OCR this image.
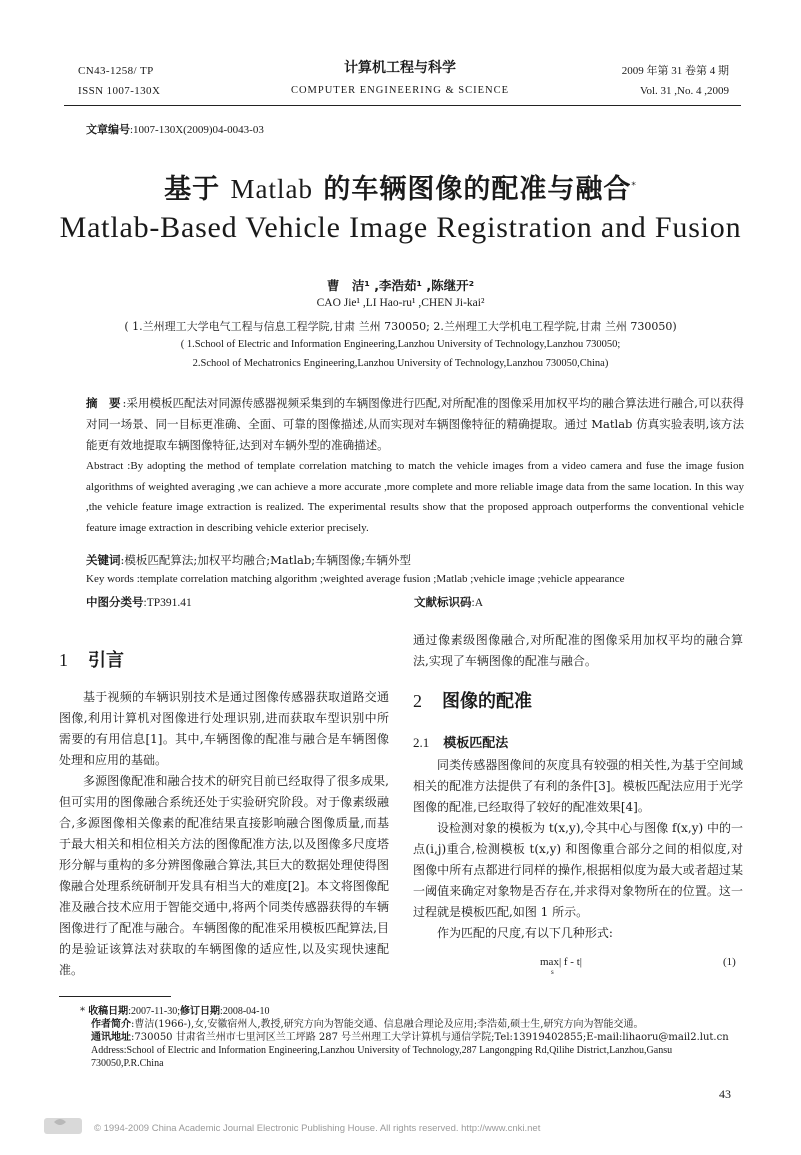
CN43-1258/ TP
ISSN 1007-130X
计算机工程与科学
COMPUTER ENGINEERING & SCIENCE
2009 年第 31 卷第 4 期
Vol. 31 ,No. 4 ,2009
文章编号:1007-130X(2009)04-0043-03
基于 Matlab 的车辆图像的配准与融合*
Matlab-Based Vehicle Image Registration and Fusion
曹　洁¹ ,李浩茹¹ ,陈继开²
CAO Jie¹ ,LI Hao-ru¹ ,CHEN Ji-kai²
( 1.兰州理工大学电气工程与信息工程学院,甘肃 兰州 730050; 2.兰州理工大学机电工程学院,甘肃 兰州 730050)
( 1.School of Electric and Information Engineering,Lanzhou University of Technology,Lanzhou 730050;
2.School of Mechatronics Engineering,Lanzhou University of Technology,Lanzhou 730050,China)
摘　要 :采用模板匹配法对同源传感器视频采集到的车辆图像进行匹配,对所配准的图像采用加权平均的融合算法进行融合,可以获得对同一场景、同一目标更准确、全面、可靠的图像描述,从而实现对车辆图像特征的精确提取。通过 Matlab 仿真实验表明,该方法能更有效地提取车辆图像特征,达到对车辆外型的准确描述。
Abstract :By adopting the method of template correlation matching to match the vehicle images from a video camera and fuse the image fusion algorithms of weighted averaging ,we can achieve a more accurate ,more complete and more reliable image data from the same location. In this way ,the vehicle feature image extraction is realized. The experimental results show that the proposed approach outperforms the conventional vehicle feature image extraction in describing vehicle exterior precisely.
关键词:模板匹配算法;加权平均融合;Matlab;车辆图像;车辆外型
Key words :template correlation matching algorithm ;weighted average fusion ;Matlab ;vehicle image ;vehicle appearance
中图分类号:TP391.41	文献标识码:A
1 引言

基于视频的车辆识别技术是通过图像传感器获取道路交通图像,利用计算机对图像进行处理识别,进而获取车型识别中所需要的有用信息[1]。其中,车辆图像的配准与融合是车辆图像处理和应用的基础。

多源图像配准和融合技术的研究目前已经取得了很多成果,但可实用的图像融合系统还处于实验研究阶段。对于像素级融合,多源图像相关像素的配准结果直接影响融合图像质量,而基于最大相关和相位相关方法的图像配准方法,以及图像多尺度塔形分解与重构的多分辨图像融合算法,其巨大的数据处理使得图像融合处理系统研制开发具有相当大的难度[2]。本文将图像配准及融合技术应用于智能交通中,将两个同类传感器获得的车辆图像进行了配准与融合。车辆图像的配准采用模板匹配算法,目的是验证该算法对获取的车辆图像的适应性,以及实现快速配准。

通过像素级图像融合,对所配准的图像采用加权平均的融合算法,实现了车辆图像的配准与融合。

2 图像的配准
2.1 模板匹配法

同类传感器图像间的灰度具有较强的相关性,为基于空间域相关的配准方法提供了有利的条件[3]。模板匹配法应用于光学图像的配准,已经取得了较好的配准效果[4]。

设检测对象的模板为 t(x,y),令其中心与图像 f(x,y) 中的一点(i,j)重合,检测模板 t(x,y) 和图像重合部分之间的相似度,对图像中所有点都进行同样的操作,根据相似度为最大或者超过某一阈值来确定对象物是否存在,并求得对象物所在的位置。这一过程就是模板匹配,如图 1 所示。

作为匹配的尺度,有以下几种形式:

max| f - t|
s
(1)
* 收稿日期:2007-11-30;修订日期:2008-04-10
作者简介:曹洁(1966-),女,安徽宿州人,教授,研究方向为智能交通、信息融合理论及应用;李浩茹,硕士生,研究方向为智能交通。
通讯地址:730050 甘肃省兰州市七里河区兰工坪路 287 号兰州理工大学计算机与通信学院;Tel:13919402855;E-mail:lihaoru@mail2.lut.cn
Address:School of Electric and Information Engineering,Lanzhou University of Technology,287 Langongping Rd,Qilihe District,Lanzhou,Gansu 730050,P.R.China
43
© 1994-2009 China Academic Journal Electronic Publishing House. All rights reserved. http://www.cnki.net
